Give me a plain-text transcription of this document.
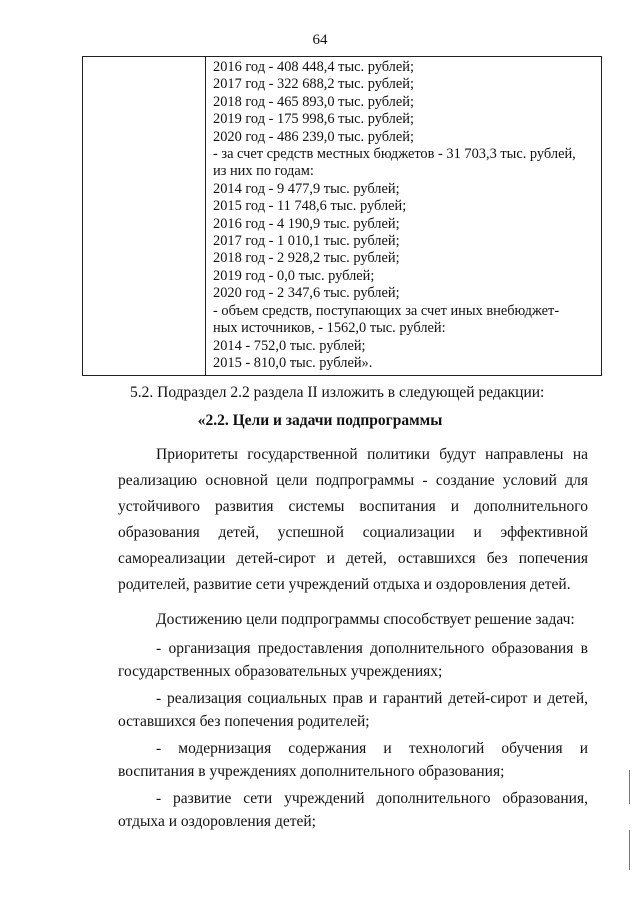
64

2016 год - 408 448,4 тыс. рублей;
2017 год - 322 688,2 тыс. рублей;
2018 год - 465 893,0 тыс. рублей;
2019 год - 175 998,6 тыс. рублей;
2020 год - 486 239,0 тыс. рублей;
- за счет средств местных бюджетов - 31 703,3 тыс. рублей,
из них по годам:
2014 год - 9 477,9 тыс. рублей;
2015 год - 11 748,6 тыс. рублей;
2016 год - 4 190,9 тыс. рублей;
2017 год - 1 010,1 тыс. рублей;
2018 год - 2 928,2 тыс. рублей;
2019 год - 0,0 тыс. рублей;
2020 год - 2 347,6 тыс. рублей;
- объем средств, поступающих за счет иных внебюджет-
ных источников, - 1562,0 тыс. рублей:
2014 - 752,0 тыс. рублей;
2015 - 810,0 тыс. рублей».
5.2. Подраздел 2.2 раздела II изложить в следующей редакции:
«2.2. Цели и задачи подпрограммы

Приоритеты государственной политики будут направлены на реализацию основной цели подпрограммы - создание условий для устойчивого развития системы воспитания и дополнительного образования детей, успешной социализации и эффективной самореализации детей-сирот и детей, оставшихся без попечения родителей, развитие сети учреждений отдыха и оздоровления детей.

Достижению цели подпрограммы способствует решение задач:

- организация предоставления дополнительного образования в государственных образовательных учреждениях;

- реализация социальных прав и гарантий детей-сирот и детей, оставшихся без попечения родителей;

- модернизация содержания и технологий обучения и воспитания в учреждениях дополнительного образования;

- развитие сети учреждений дополнительного образования, отдыха и оздоровления детей;
